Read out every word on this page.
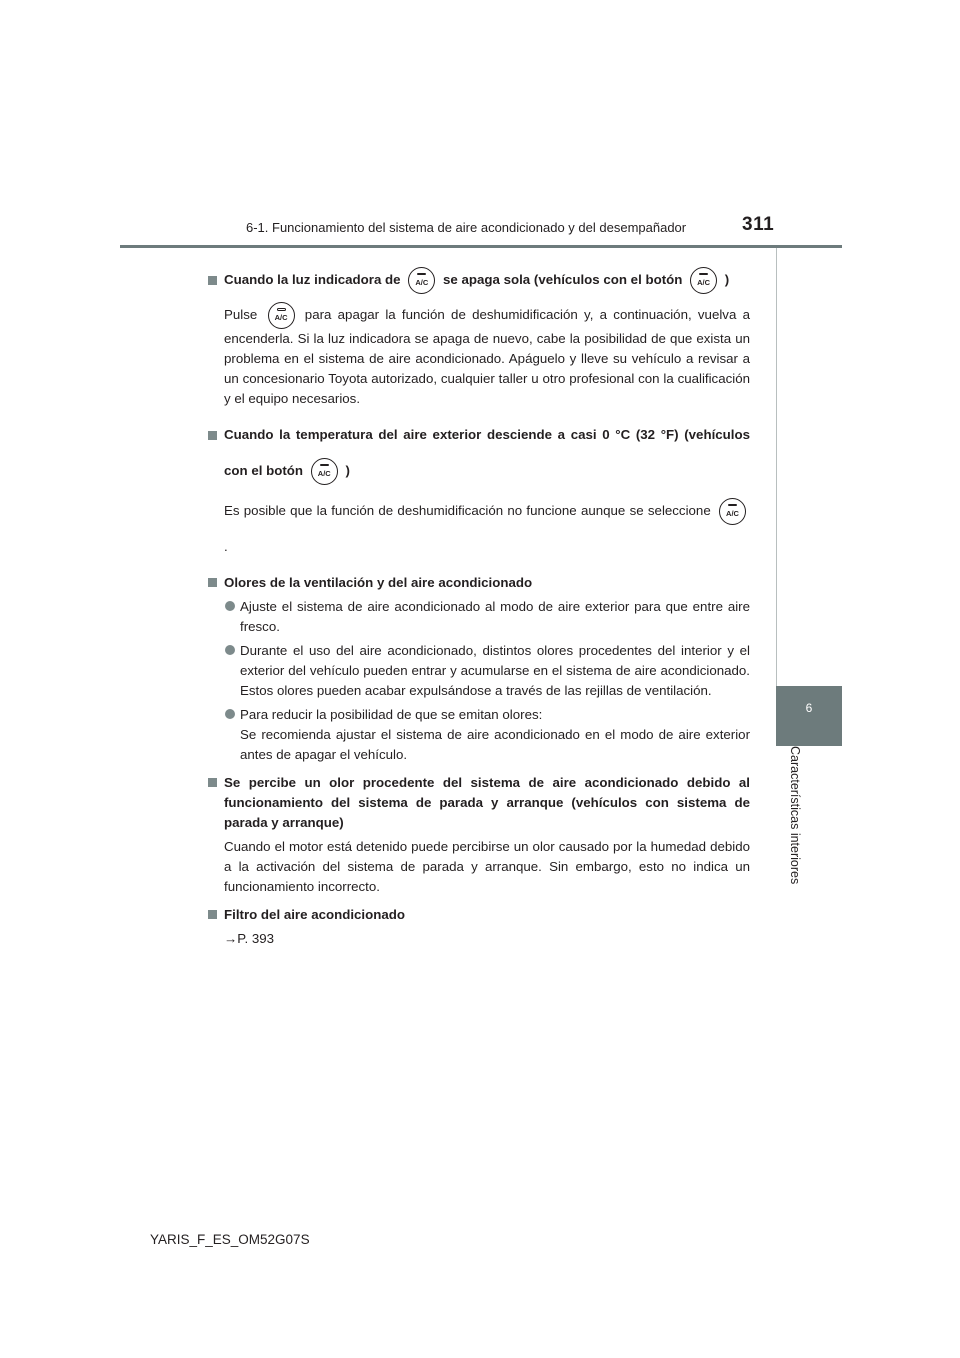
6-1. Funcionamiento del sistema de aire acondicionado y del desempañador	311
6
Características interiores
Cuando la luz indicadora de	A/C	se apaga sola (vehículos con el botón	A/C	)
Pulse	A/C	para apagar la función de deshumidificación y, a continuación, vuelva a encenderla. Si la luz indicadora se apaga de nuevo, cabe la posibilidad de que exista un problema en el sistema de aire acondicionado. Apáguelo y lleve su vehículo a revisar a un concesionario Toyota autorizado, cualquier taller u otro profesional con la cualificación y el equipo necesarios.
Cuando la temperatura del aire exterior desciende a casi 0 °C (32 °F) (vehículos con el botón	A/C	)
Es posible que la función de deshumidificación no funcione aunque se seleccione	A/C
.
Olores de la ventilación y del aire acondicionado
Ajuste el sistema de aire acondicionado al modo de aire exterior para que entre aire fresco.
Durante el uso del aire acondicionado, distintos olores procedentes del interior y el exterior del vehículo pueden entrar y acumularse en el sistema de aire acondicionado. Estos olores pueden acabar expulsándose a través de las rejillas de ventilación.
Para reducir la posibilidad de que se emitan olores:
Se recomienda ajustar el sistema de aire acondicionado en el modo de aire exterior antes de apagar el vehículo.
Se percibe un olor procedente del sistema de aire acondicionado debido al funcionamiento del sistema de parada y arranque (vehículos con sistema de parada y arranque)
Cuando el motor está detenido puede percibirse un olor causado por la humedad debido a la activación del sistema de parada y arranque. Sin embargo, esto no indica un funcionamiento incorrecto.
Filtro del aire acondicionado
→P. 393
YARIS_F_ES_OM52G07S
